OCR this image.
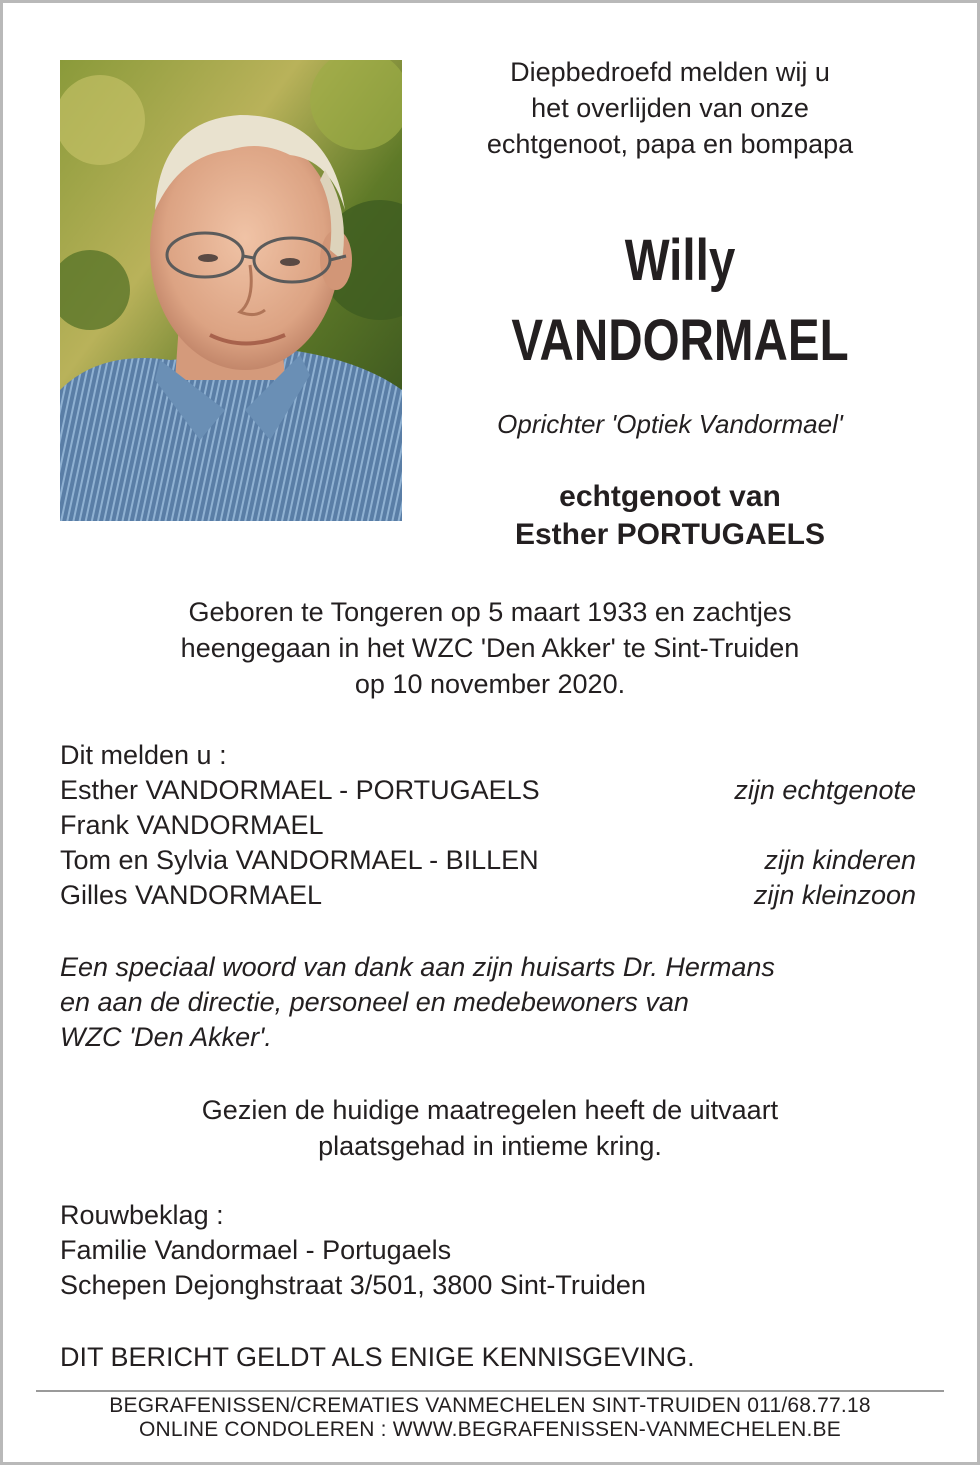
Diepbedroefd melden wij u
het overlijden van onze
echtgenoot, papa en bompapa
Willy
VANDORMAEL
Oprichter 'Optiek Vandormael'
echtgenoot van
Esther PORTUGAELS
Geboren te Tongeren op 5 maart 1933 en zachtjes
heengegaan in het WZC 'Den Akker' te Sint-Truiden
op 10 november 2020.
Dit melden u :
Esther VANDORMAEL - PORTUGAELS	zijn echtgenote
Frank VANDORMAEL
Tom en Sylvia VANDORMAEL - BILLEN	zijn kinderen
Gilles VANDORMAEL	zijn kleinzoon
Een speciaal woord van dank aan zijn huisarts Dr. Hermans
en aan de directie, personeel en medebewoners van
WZC 'Den Akker'.
Gezien de huidige maatregelen heeft de uitvaart
plaatsgehad in intieme kring.
Rouwbeklag :
Familie Vandormael - Portugaels
Schepen Dejonghstraat 3/501, 3800 Sint-Truiden
DIT BERICHT GELDT ALS ENIGE KENNISGEVING.
BEGRAFENISSEN/CREMATIES VANMECHELEN SINT-TRUIDEN 011/68.77.18
ONLINE CONDOLEREN : WWW.BEGRAFENISSEN-VANMECHELEN.BE
